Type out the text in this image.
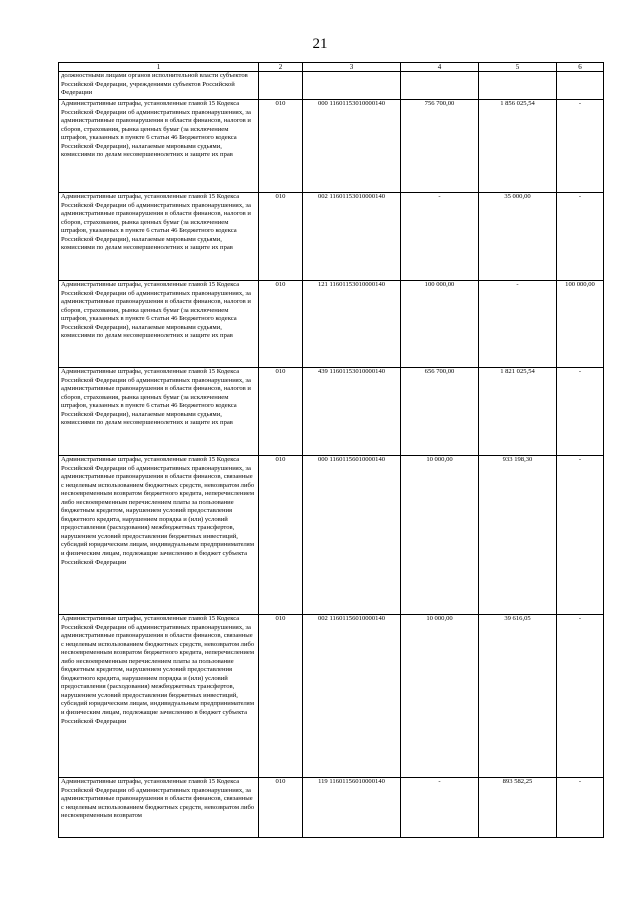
21
1	2	3	4	5	6
должностными лицами органов исполнительной власти субъектов Российской Федерации, учреждениями субъектов Российской Федерации					
Административные штрафы, установленные главой 15 Кодекса Российской Федерации об административных правонарушениях, за административные правонарушения в области финансов, налогов и сборов, страхования, рынка ценных бумаг (за исключением штрафов, указанных в пункте 6 статьи 46 Бюджетного кодекса Российской Федерации), налагаемые мировыми судьями, комиссиями по делам несовершеннолетних и защите их прав	010	000 11601153010000140	756 700,00	1 856 025,54	-
Административные штрафы, установленные главой 15 Кодекса Российской Федерации об административных правонарушениях, за административные правонарушения в области финансов, налогов и сборов, страхования, рынка ценных бумаг (за исключением штрафов, указанных в пункте 6 статьи 46 Бюджетного кодекса Российской Федерации), налагаемые мировыми судьями, комиссиями по делам несовершеннолетних и защите их прав	010	002 11601153010000140	-	35 000,00	-
Административные штрафы, установленные главой 15 Кодекса Российской Федерации об административных правонарушениях, за административные правонарушения в области финансов, налогов и сборов, страхования, рынка ценных бумаг (за исключением штрафов, указанных в пункте 6 статьи 46 Бюджетного кодекса Российской Федерации), налагаемые мировыми судьями, комиссиями по делам несовершеннолетних и защите их прав	010	121 11601153010000140	100 000,00	-	100 000,00
Административные штрафы, установленные главой 15 Кодекса Российской Федерации об административных правонарушениях, за административные правонарушения в области финансов, налогов и сборов, страхования, рынка ценных бумаг (за исключением штрафов, указанных в пункте 6 статьи 46 Бюджетного кодекса Российской Федерации), налагаемые мировыми судьями, комиссиями по делам несовершеннолетних и защите их прав	010	439 11601153010000140	656 700,00	1 821 025,54	-
Административные штрафы, установленные главой 15 Кодекса Российской Федерации об административных правонарушениях, за административные правонарушения в области финансов, связанные с нецелевым использованием бюджетных средств, невозвратом либо несвоевременным возвратом бюджетного кредита, неперечислением либо несвоевременным перечислением платы за пользование бюджетным кредитом, нарушением условий предоставления бюджетного кредита, нарушением порядка и (или) условий предоставления (расходования) межбюджетных трансфертов, нарушением условий предоставления бюджетных инвестиций, субсидий юридическим лицам, индивидуальным предпринимателям и физическим лицам, подлежащие зачислению в бюджет субъекта Российской Федерации	010	000 11601156010000140	10 000,00	933 198,30	-
Административные штрафы, установленные главой 15 Кодекса Российской Федерации об административных правонарушениях, за административные правонарушения в области финансов, связанные с нецелевым использованием бюджетных средств, невозвратом либо несвоевременным возвратом бюджетного кредита, неперечислением либо несвоевременным перечислением платы за пользование бюджетным кредитом, нарушением условий предоставления бюджетного кредита, нарушением порядка и (или) условий предоставления (расходования) межбюджетных трансфертов, нарушением условий предоставления бюджетных инвестиций, субсидий юридическим лицам, индивидуальным предпринимателям и физическим лицам, подлежащие зачислению в бюджет субъекта Российской Федерации	010	002 11601156010000140	10 000,00	39 616,05	-
Административные штрафы, установленные главой 15 Кодекса Российской Федерации об административных правонарушениях, за административные правонарушения в области финансов, связанные с нецелевым использованием бюджетных средств, невозвратом либо несвоевременным возвратом	010	119 11601156010000140	-	893 582,25	-
